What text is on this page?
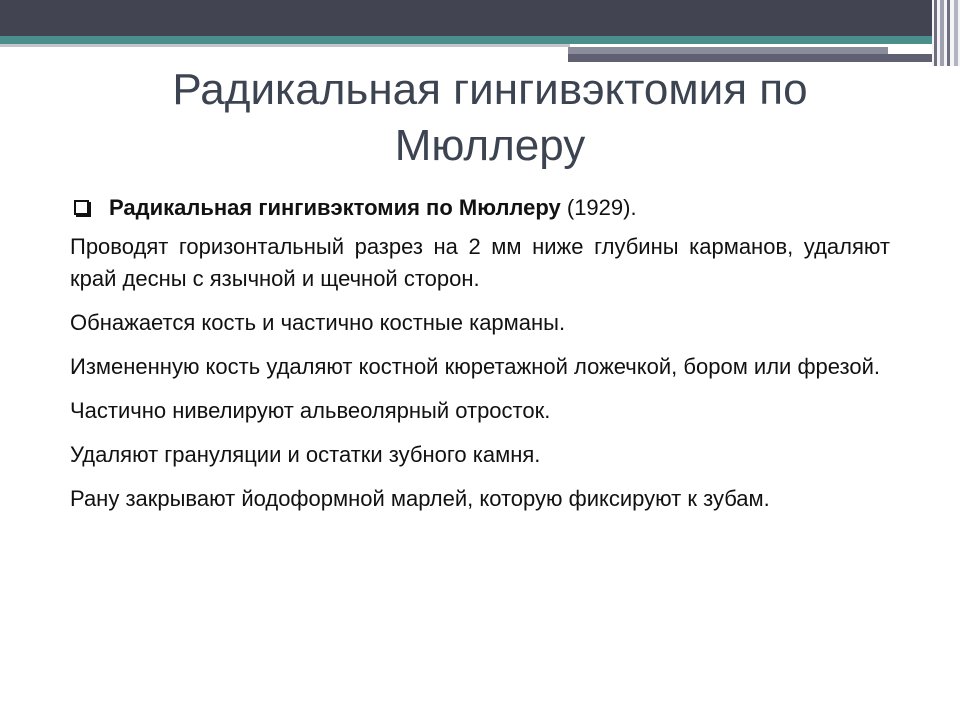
Радикальная гингивэктомия по Мюллеру
Радикальная гингивэктомия по Мюллеру (1929).

Проводят горизонтальный разрез на 2 мм ниже глубины карманов, удаляют край десны с язычной и щечной сторон.

Обнажается кость и частично костные карманы.

Измененную кость удаляют костной кюретажной ложечкой, бором или фрезой.

Частично нивелируют альвеолярный отросток.

Удаляют грануляции и остатки зубного камня.

Рану закрывают йодоформной марлей, которую фиксируют к зубам.
